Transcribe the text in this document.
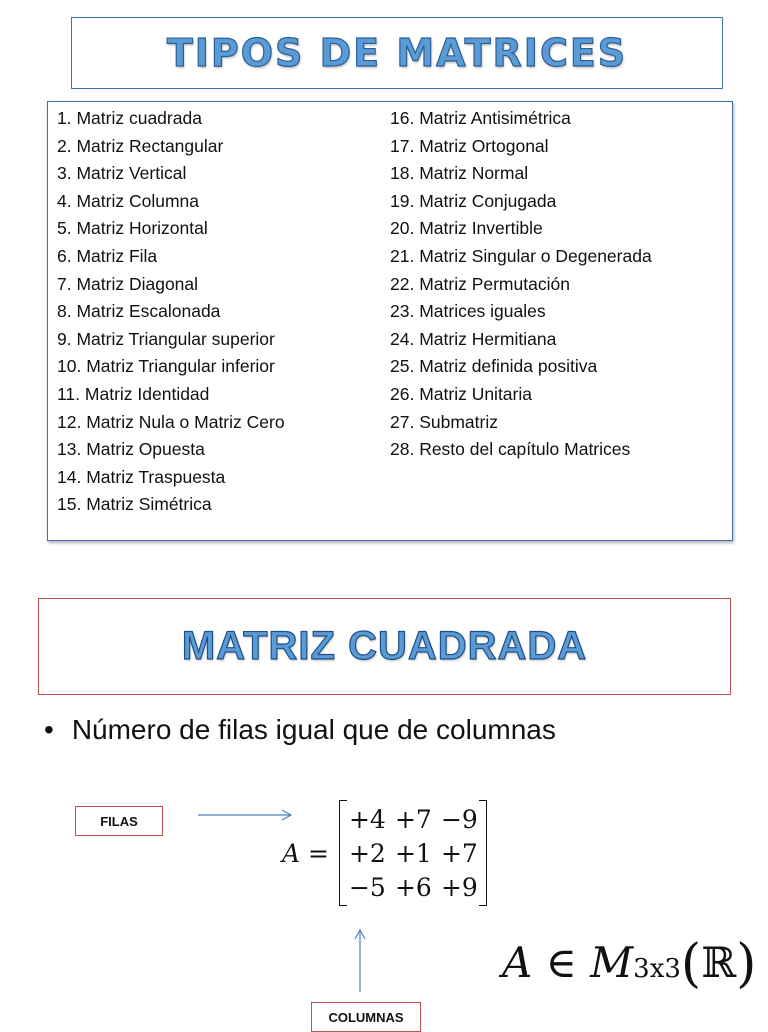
TIPOS DE MATRICES
1. Matriz cuadrada
2. Matriz Rectangular
3. Matriz Vertical
4. Matriz Columna
5. Matriz Horizontal
6. Matriz Fila
7. Matriz Diagonal
8. Matriz Escalonada
9. Matriz Triangular superior
10. Matriz Triangular inferior
11. Matriz Identidad
12. Matriz Nula o Matriz Cero
13. Matriz Opuesta
14. Matriz Traspuesta
15. Matriz Simétrica
16. Matriz Antisimétrica
17. Matriz Ortogonal
18. Matriz Normal
19. Matriz Conjugada
20. Matriz Invertible
21. Matriz Singular o Degenerada
22. Matriz Permutación
23. Matrices iguales
24. Matriz Hermitiana
25. Matriz definida positiva
26. Matriz Unitaria
27. Submatriz
28. Resto del capítulo Matrices
MATRIZ CUADRADA
• Número de filas igual que de columnas
FILAS
A =
+4 +7 −9
+2 +1 +7
−5 +6 +9
COLUMNAS
A ∈ M3x3(ℝ)
